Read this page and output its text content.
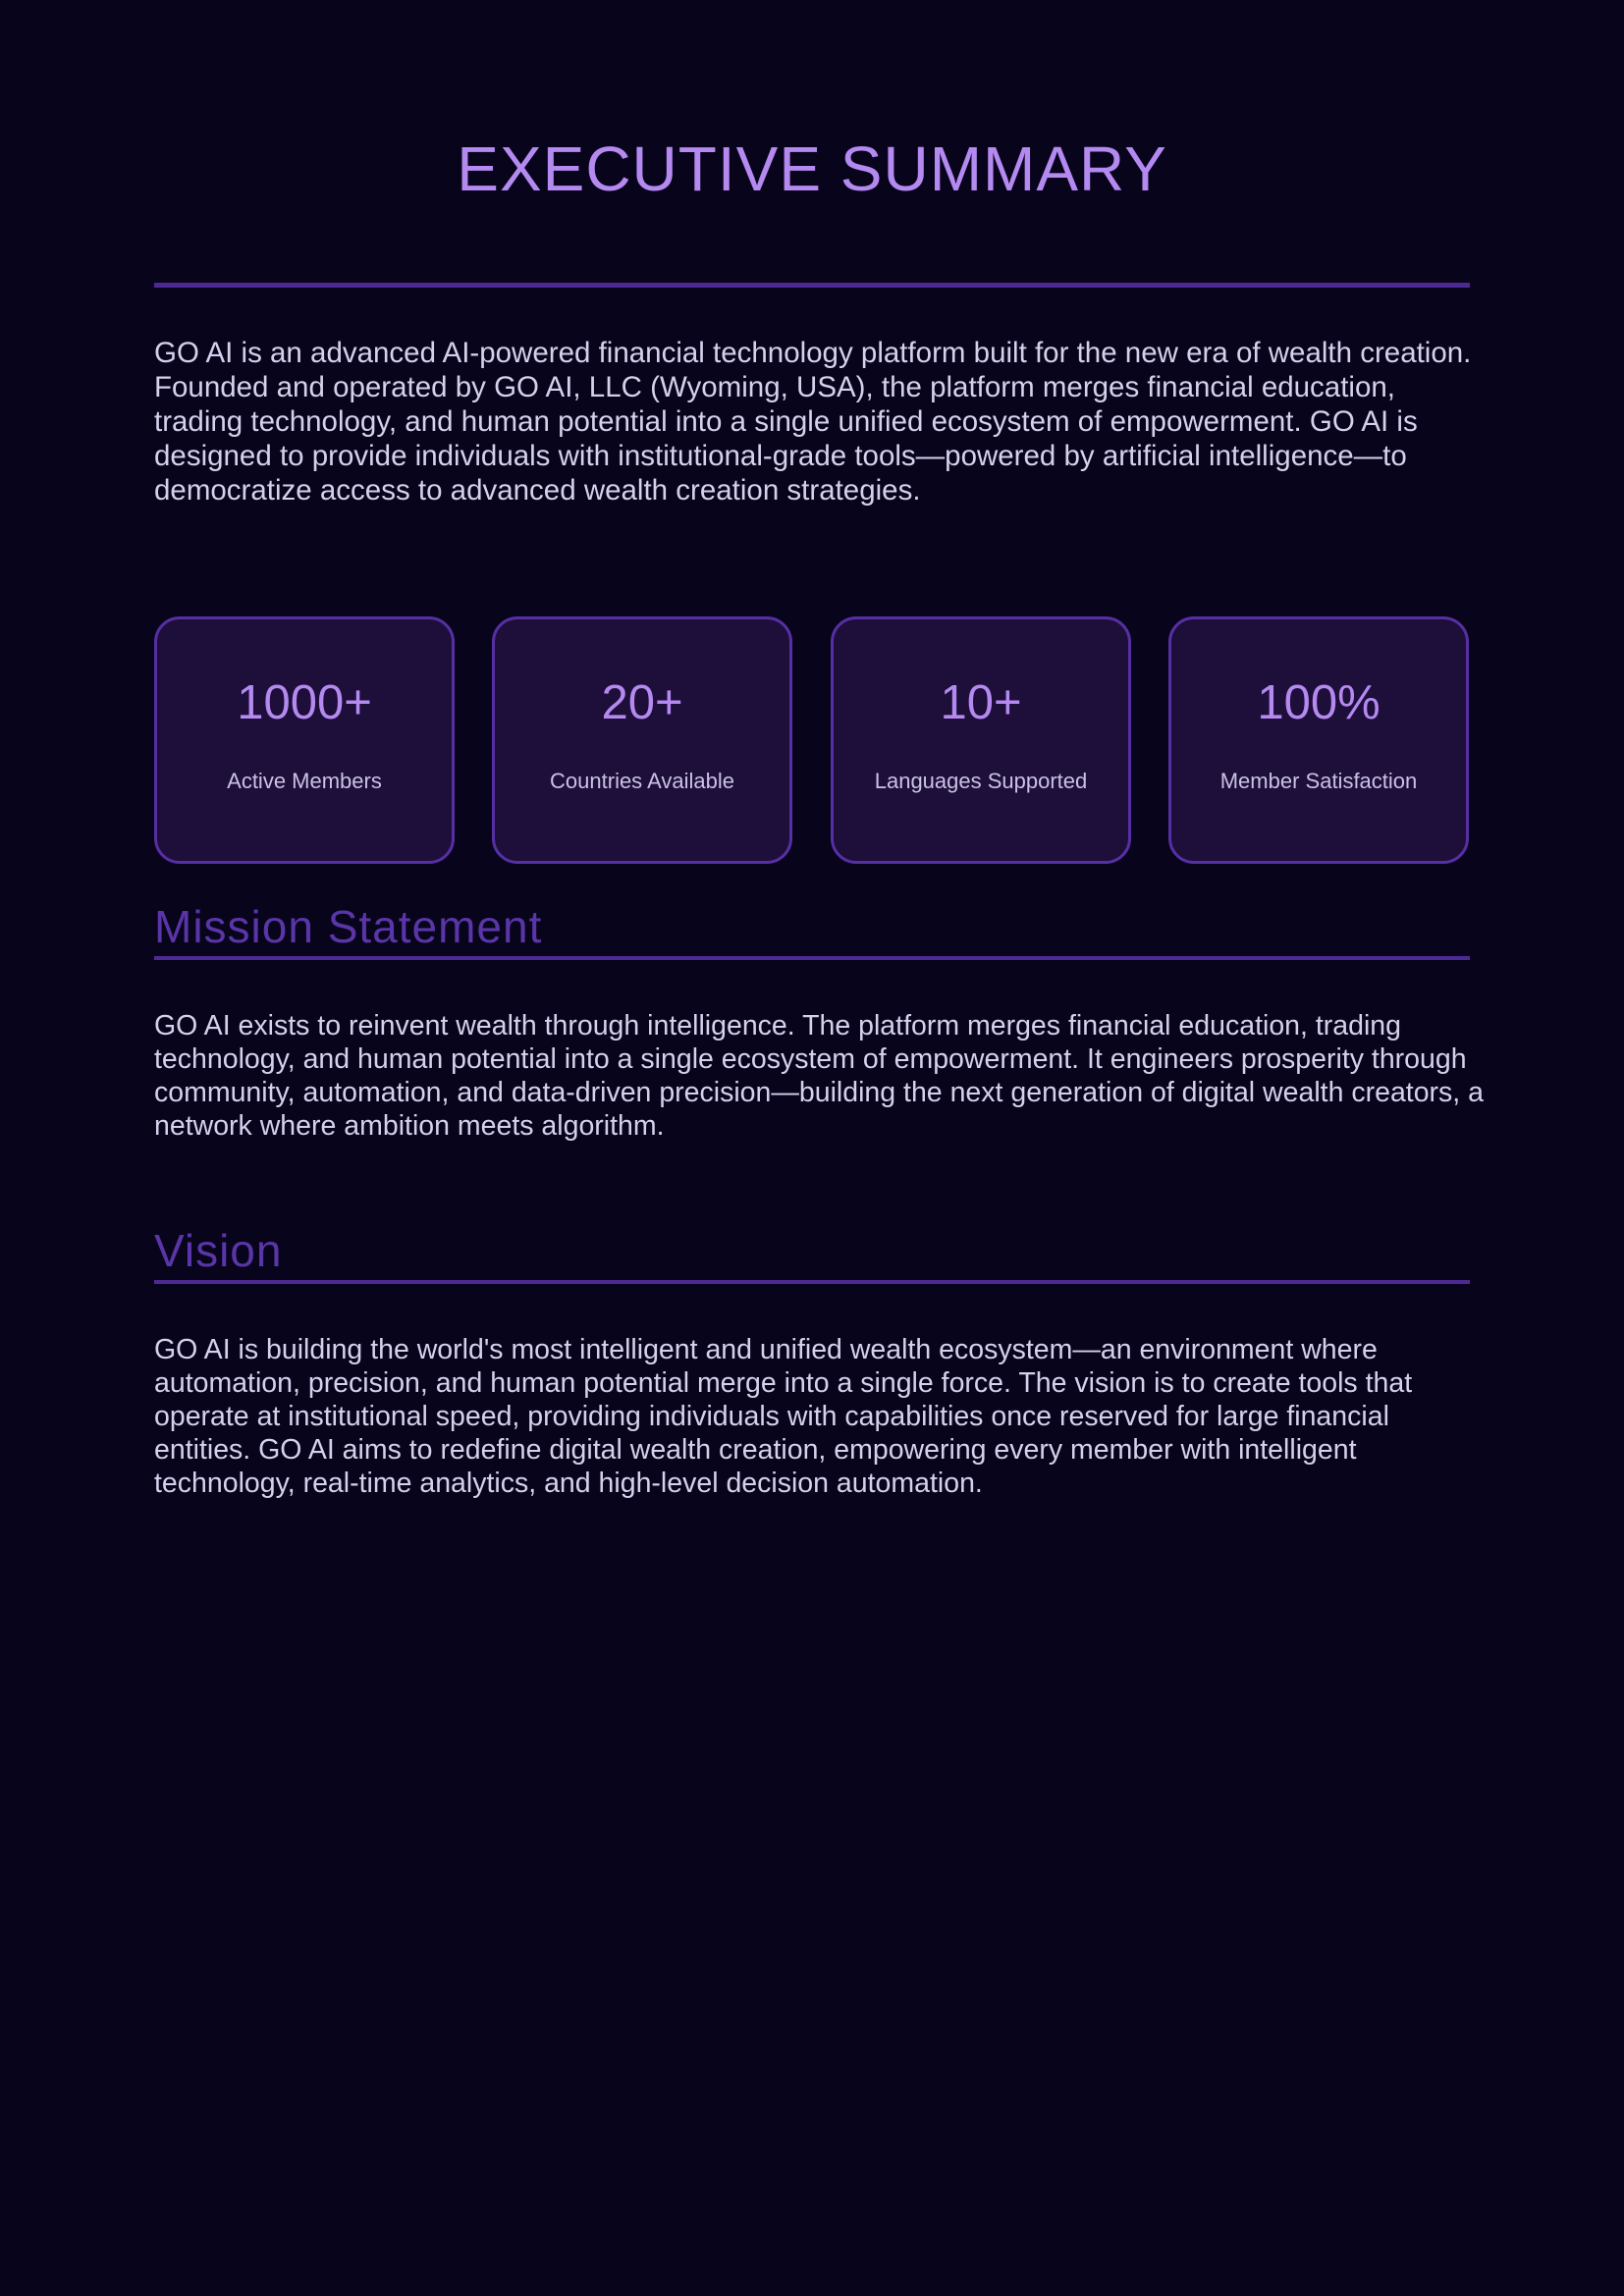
EXECUTIVE SUMMARY

GO AI is an advanced AI-powered financial technology platform built for the new era of wealth creation. Founded and operated by GO AI, LLC (Wyoming, USA), the platform merges financial education, trading technology, and human potential into a single unified ecosystem of empowerment. GO AI is designed to provide individuals with institutional-grade tools—powered by artificial intelligence—to democratize access to advanced wealth creation strategies.

1000+
Active Members
20+
Countries Available
10+
Languages Supported
100%
Member Satisfaction
Mission Statement

GO AI exists to reinvent wealth through intelligence. The platform merges financial education, trading technology, and human potential into a single ecosystem of empowerment. It engineers prosperity through community, automation, and data-driven precision—building the next generation of digital wealth creators, a network where ambition meets algorithm.

Vision

GO AI is building the world's most intelligent and unified wealth ecosystem—an environment where automation, precision, and human potential merge into a single force. The vision is to create tools that operate at institutional speed, providing individuals with capabilities once reserved for large financial entities. GO AI aims to redefine digital wealth creation, empowering every member with intelligent technology, real-time analytics, and high-level decision automation.
